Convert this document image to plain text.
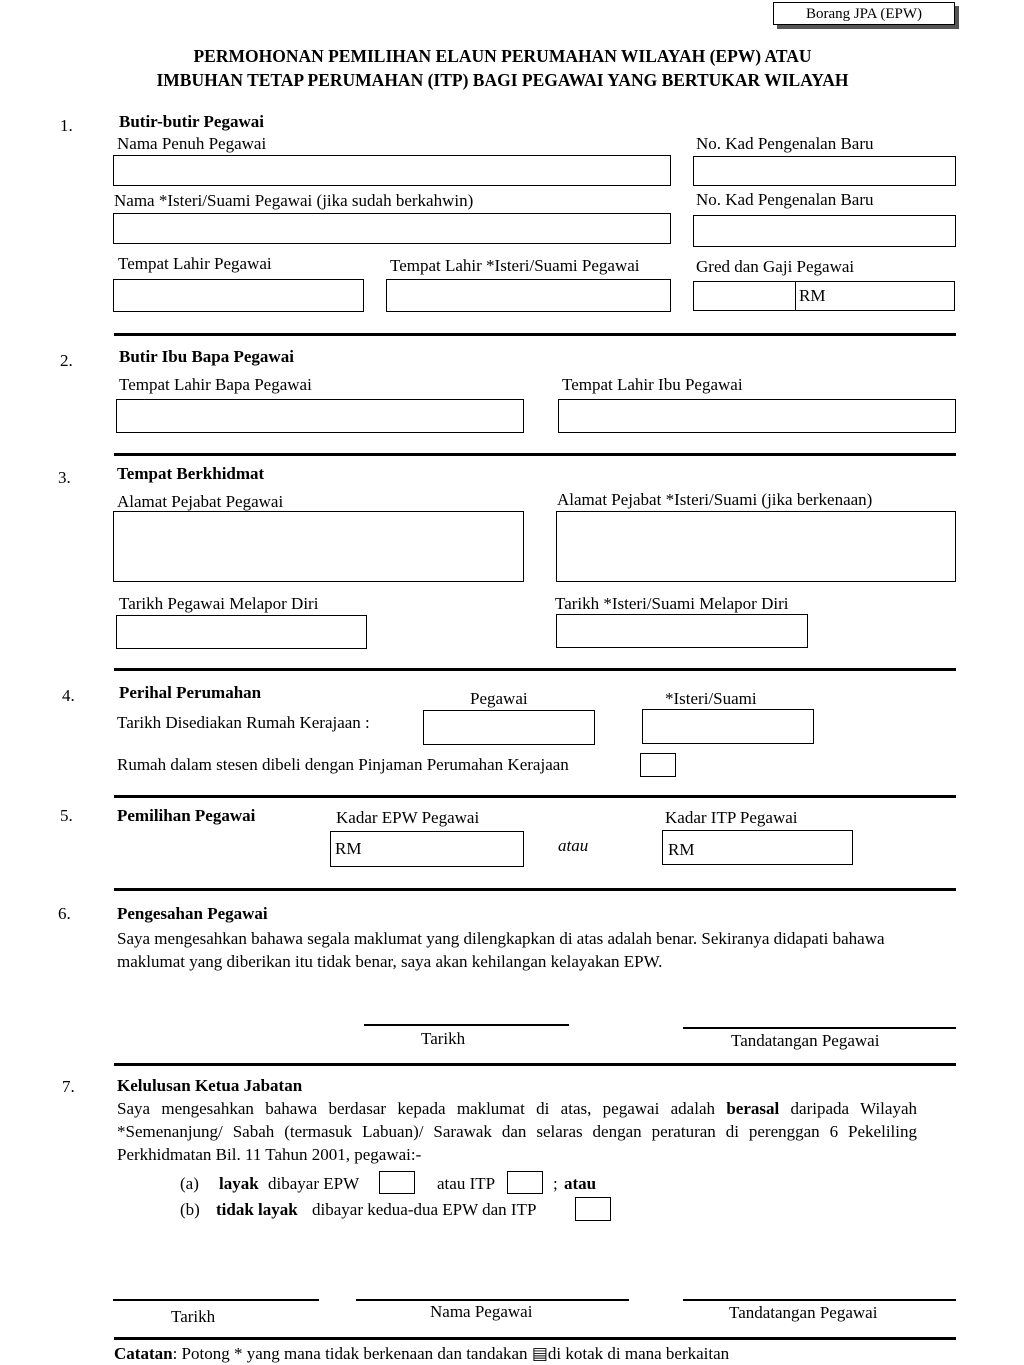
Borang JPA (EPW)
PERMOHONAN PEMILIHAN ELAUN PERUMAHAN WILAYAH (EPW) ATAU
IMBUHAN TETAP PERUMAHAN (ITP) BAGI PEGAWAI YANG BERTUKAR WILAYAH
1.	Butir-butir Pegawai
Nama Penuh Pegawai	No. Kad Pengenalan Baru
Nama *Isteri/Suami Pegawai (jika sudah berkahwin)	No. Kad Pengenalan Baru
Tempat Lahir Pegawai	Tempat Lahir *Isteri/Suami Pegawai	Gred dan Gaji Pegawai
RM
2.	Butir Ibu Bapa Pegawai
Tempat Lahir Bapa Pegawai	Tempat Lahir Ibu Pegawai
3.	Tempat Berkhidmat
Alamat Pejabat Pegawai	Alamat Pejabat *Isteri/Suami (jika berkenaan)
Tarikh Pegawai Melapor Diri	Tarikh *Isteri/Suami Melapor Diri
4.	Perihal Perumahan	Pegawai	*Isteri/Suami
Tarikh Disediakan Rumah Kerajaan :
Rumah dalam stesen dibeli dengan Pinjaman Perumahan Kerajaan
5.	Pemilihan Pegawai	Kadar EPW Pegawai
RM	atau
Kadar ITP Pegawai
RM
6.	Pengesahan Pegawai
Saya mengesahkan bahawa segala maklumat yang dilengkapkan di atas adalah benar. Sekiranya didapati bahawa maklumat yang diberikan itu tidak benar, saya akan kehilangan kelayakan EPW.
Tarikh	Tandatangan Pegawai
7. Kelulusan Ketua Jabatan
Saya mengesahkan bahawa berdasar kepada maklumat di atas, pegawai adalah berasal daripada Wilayah *Semenanjung/ Sabah (termasuk Labuan)/ Sarawak dan selaras dengan peraturan di perenggan 6 Pekeliling Perkhidmatan Bil. 11 Tahun 2001, pegawai:-
(a) layak dibayar EPW	atau ITP	; atau
(b) tidak layak dibayar kedua-dua EPW dan ITP
Tarikh	Nama Pegawai	Tandatangan Pegawai
Catatan: Potong * yang mana tidak berkenaan dan tandakan ▤di kotak di mana berkaitan
